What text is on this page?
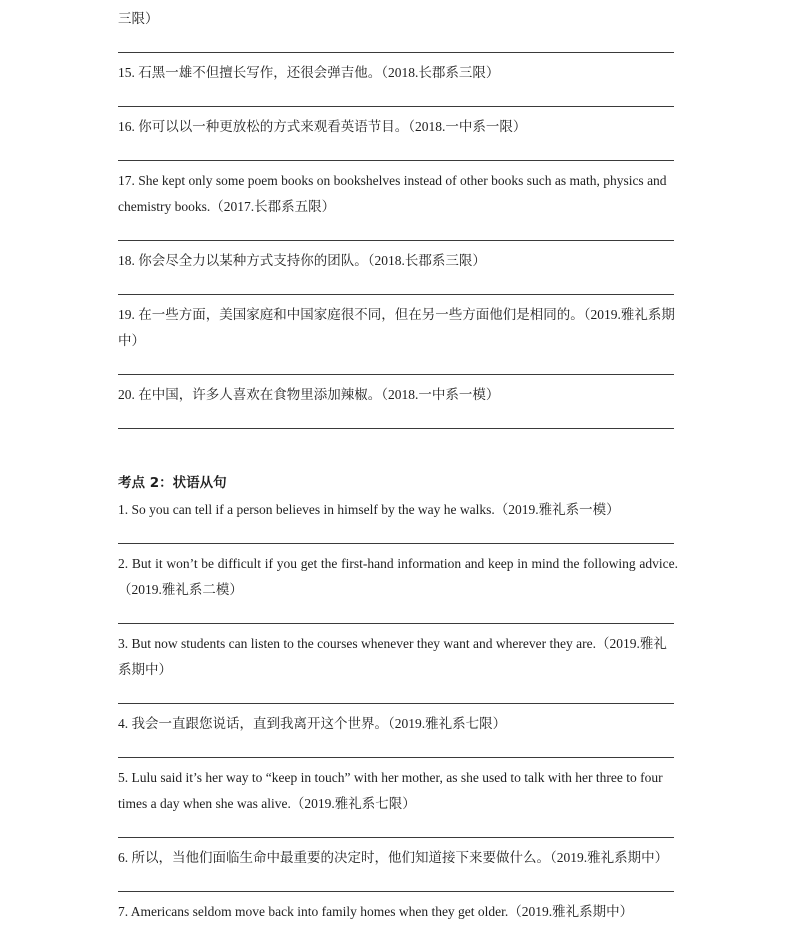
三限）
15. 石黑一雄不但擅长写作，还很会弹吉他。（2018.长郡系三限）
16. 你可以以一种更放松的方式来观看英语节目。（2018.一中系一限）
17. She kept only some poem books on bookshelves instead of other books such as math, physics and chemistry books.（2017.长郡系五限）
18. 你会尽全力以某种方式支持你的团队。（2018.长郡系三限）
19. 在一些方面，美国家庭和中国家庭很不同，但在另一些方面他们是相同的。（2019.雅礼系期中）
20. 在中国，许多人喜欢在食物里添加辣椒。（2018.一中系一模）
考点 2：状语从句
1. So you can tell if a person believes in himself by the way he walks.（2019.雅礼系一模）
2. But it won’t be difficult if you get the first-hand information and keep in mind the following advice.（2019.雅礼系二模）
3. But now students can listen to the courses whenever they want and wherever they are.（2019.雅礼系期中）
4. 我会一直跟您说话，直到我离开这个世界。（2019.雅礼系七限）
5. Lulu said it’s her way to “keep in touch” with her mother, as she used to talk with her three to four times a day when she was alive.（2019.雅礼系七限）
6. 所以，当他们面临生命中最重要的决定时，他们知道接下来要做什么。（2019.雅礼系期中）
7. Americans seldom move back into family homes when they get older.（2019.雅礼系期中）
